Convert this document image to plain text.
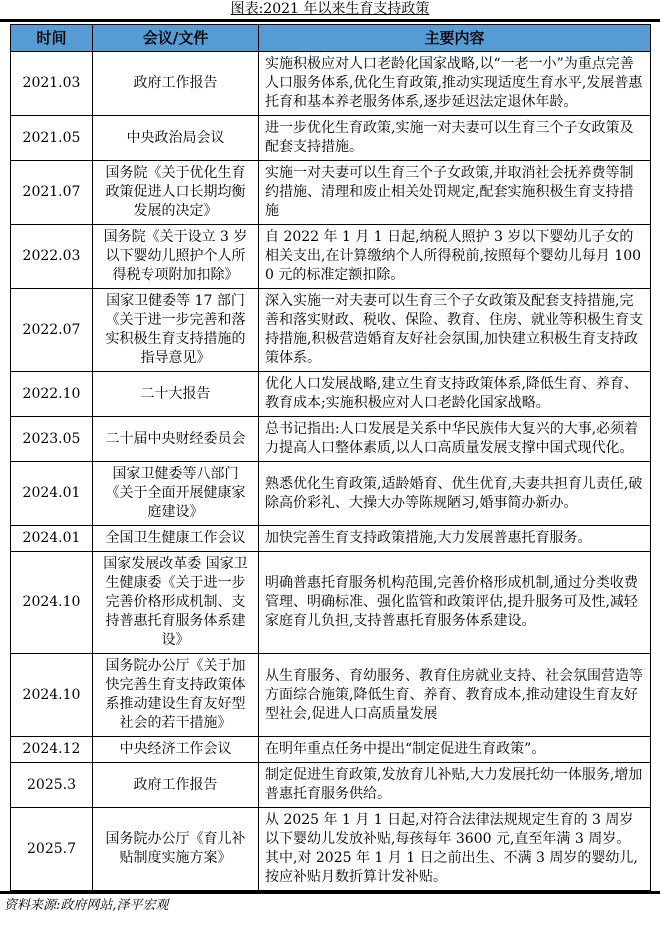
图表:2021 年以来生育支持政策
时间	会议/文件	主要内容
2021.03	政府工作报告	实施积极应对人口老龄化国家战略,以“一老一小”为重点完善人口服务体系,优化生育政策,推动实现适度生育水平,发展普惠托育和基本养老服务体系,逐步延迟法定退休年龄。
2021.05	中央政治局会议	进一步优化生育政策,实施一对夫妻可以生育三个子女政策及配套支持措施。
2021.07	国务院《关于优化生育政策促进人口长期均衡发展的决定》	实施一对夫妻可以生育三个子女政策,并取消社会抚养费等制约措施、清理和废止相关处罚规定,配套实施积极生育支持措施
2022.03	国务院《关于设立 3 岁以下婴幼儿照护个人所得税专项附加扣除》	自 2022 年 1 月 1 日起,纳税人照护 3 岁以下婴幼儿子女的相关支出,在计算缴纳个人所得税前,按照每个婴幼儿每月 1000 元的标准定额扣除。
2022.07	国家卫健委等 17 部门《关于进一步完善和落实积极生育支持措施的指导意见》	深入实施一对夫妻可以生育三个子女政策及配套支持措施,完善和落实财政、税收、保险、教育、住房、就业等积极生育支持措施,积极营造婚育友好社会氛围,加快建立积极生育支持政策体系。
2022.10	二十大报告	优化人口发展战略,建立生育支持政策体系,降低生育、养育、教育成本;实施积极应对人口老龄化国家战略。
2023.05	二十届中央财经委员会	总书记指出:人口发展是关系中华民族伟大复兴的大事,必须着力提高人口整体素质,以人口高质量发展支撑中国式现代化。
2024.01	国家卫健委等八部门《关于全面开展健康家庭建设》	熟悉优化生育政策,适龄婚育、优生优育,夫妻共担育儿责任,破除高价彩礼、大操大办等陈规陋习,婚事简办新办。
2024.01	全国卫生健康工作会议	加快完善生育支持政策措施,大力发展普惠托育服务。
2024.10	国家发展改革委 国家卫生健康委《关于进一步完善价格形成机制、支持普惠托育服务体系建设》	明确普惠托育服务机构范围,完善价格形成机制,通过分类收费管理、明确标准、强化监管和政策评估,提升服务可及性,减轻家庭育儿负担,支持普惠托育服务体系建设。
2024.10	国务院办公厅《关于加快完善生育支持政策体系推动建设生育友好型社会的若干措施》	从生育服务、育幼服务、教育住房就业支持、社会氛围营造等方面综合施策,降低生育、养育、教育成本,推动建设生育友好型社会,促进人口高质量发展
2024.12	中央经济工作会议	在明年重点任务中提出“制定促进生育政策”。
2025.3	政府工作报告	制定促进生育政策,发放育儿补贴,大力发展托幼一体服务,增加普惠托育服务供给。
2025.7	国务院办公厅《育儿补贴制度实施方案》	从 2025 年 1 月 1 日起,对符合法律法规规定生育的 3 周岁以下婴幼儿发放补贴,每孩每年 3600 元,直至年满 3 周岁。其中,对 2025 年 1 月 1 日之前出生、不满 3 周岁的婴幼儿,按应补贴月数折算计发补贴。
资料来源:政府网站,泽平宏观
